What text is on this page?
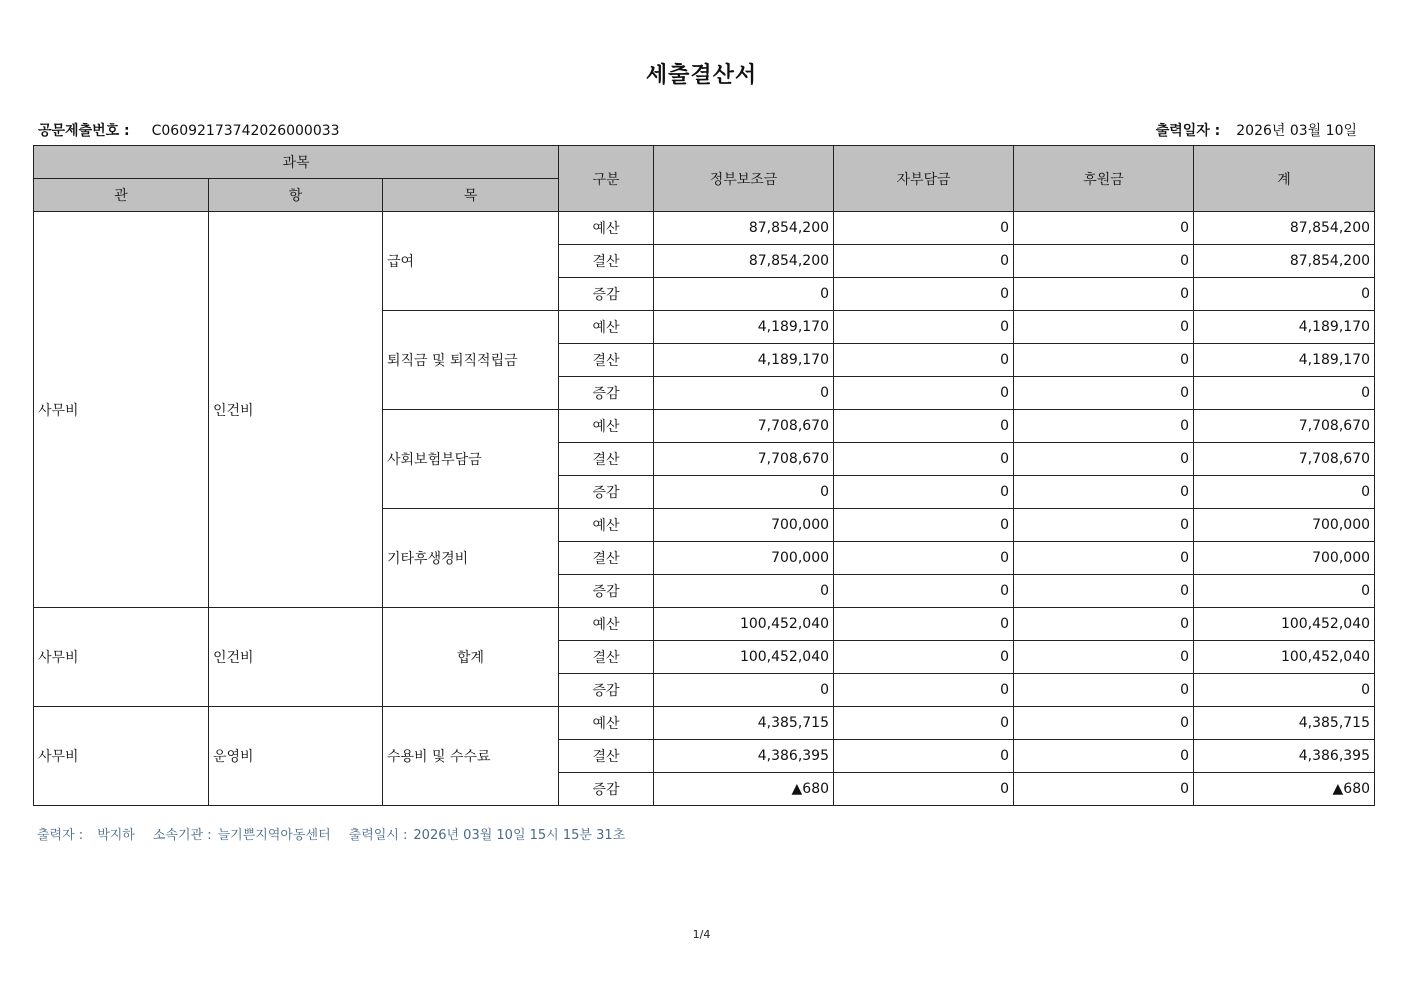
세출결산서
공문제출번호 : C06092173742026000033	출력일자 : 2026년 03월 10일
과목			구분	정부보조금	자부담금	후원금	계
관	항	목					
사무비	인건비	급여	예산	87,854,200	0	0	87,854,200
			결산	87,854,200	0	0	87,854,200
			증감	0	0	0	0
		퇴직금 및 퇴직적립금	예산	4,189,170	0	0	4,189,170
			결산	4,189,170	0	0	4,189,170
			증감	0	0	0	0
		사회보험부담금	예산	7,708,670	0	0	7,708,670
			결산	7,708,670	0	0	7,708,670
			증감	0	0	0	0
		기타후생경비	예산	700,000	0	0	700,000
			결산	700,000	0	0	700,000
			증감	0	0	0	0
사무비	인건비	합계	예산	100,452,040	0	0	100,452,040
			결산	100,452,040	0	0	100,452,040
			증감	0	0	0	0
사무비	운영비	수용비 및 수수료	예산	4,385,715	0	0	4,385,715
			결산	4,386,395	0	0	4,386,395
			증감	▲680	0	0	▲680
출력자 : 박지하 소속기관 : 늘기쁜지역아동센터 출력일시 : 2026년 03월 10일 15시 15분 31초
1/4
